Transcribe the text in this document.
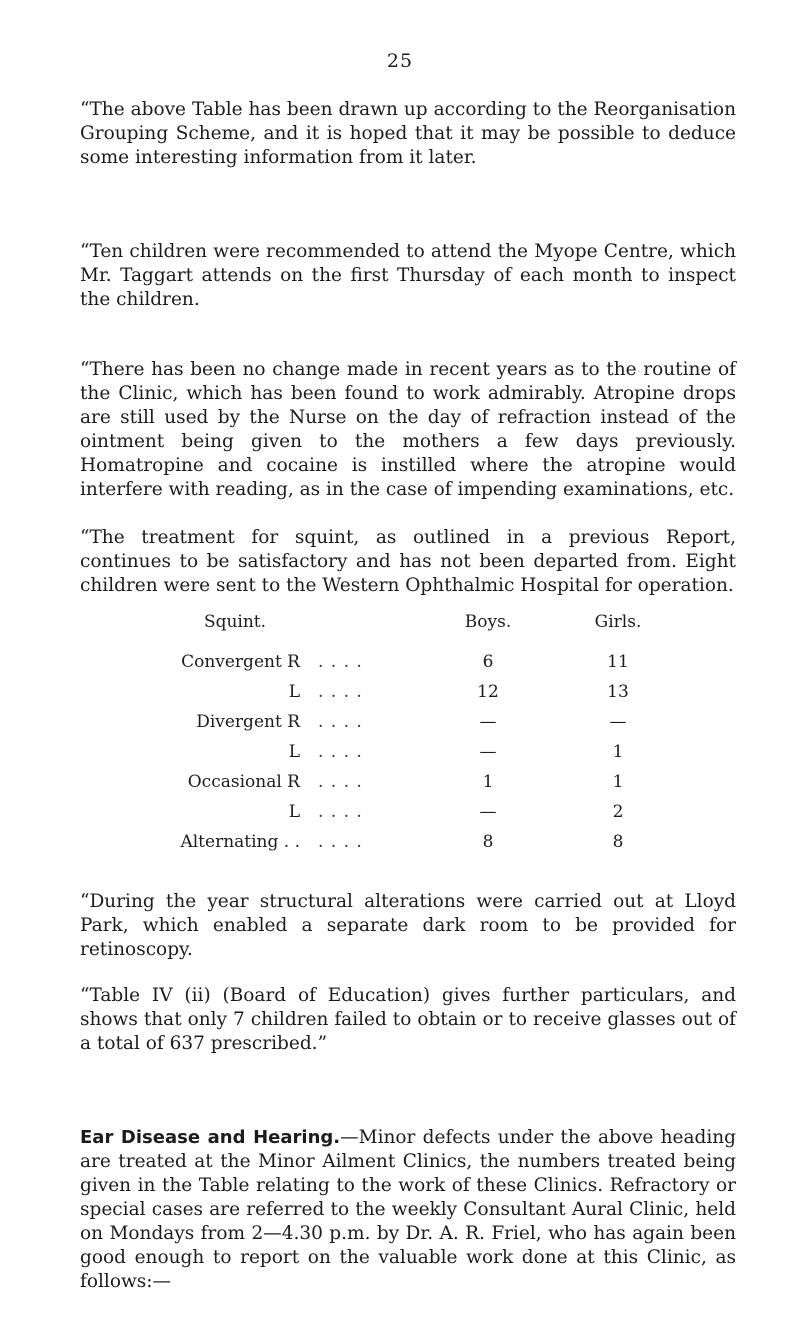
25

“The above Table has been drawn up according to the Reorganisation Grouping Scheme, and it is hoped that it may be possible to deduce some interesting information from it later.

“Ten children were recommended to attend the Myope Centre, which Mr. Taggart attends on the first Thursday of each month to inspect the children.

“There has been no change made in recent years as to the routine of the Clinic, which has been found to work admirably. Atropine drops are still used by the Nurse on the day of refraction instead of the ointment being given to the mothers a few days previously. Homatropine and cocaine is instilled where the atropine would interfere with reading, as in the case of impending examinations, etc.

“The treatment for squint, as outlined in a previous Report, continues to be satisfactory and has not been departed from. Eight children were sent to the Western Ophthalmic Hospital for operation.

Squint.	Boys.	Girls.
Convergent R . . . .	6	11
L . . . .	12	13
Divergent R . . . .	—	—
L . . . .	—	1
Occasional R . . . .	1	1
L . . . .	—	2
Alternating . . . . . .	8	8

“During the year structural alterations were carried out at Lloyd Park, which enabled a separate dark room to be provided for retinoscopy.

“Table IV (ii) (Board of Education) gives further particulars, and shows that only 7 children failed to obtain or to receive glasses out of a total of 637 prescribed.”

Ear Disease and Hearing.—Minor defects under the above heading are treated at the Minor Ailment Clinics, the numbers treated being given in the Table relating to the work of these Clinics. Refractory or special cases are referred to the weekly Consultant Aural Clinic, held on Mondays from 2—4.30 p.m. by Dr. A. R. Friel, who has again been good enough to report on the valuable work done at this Clinic, as follows:—
